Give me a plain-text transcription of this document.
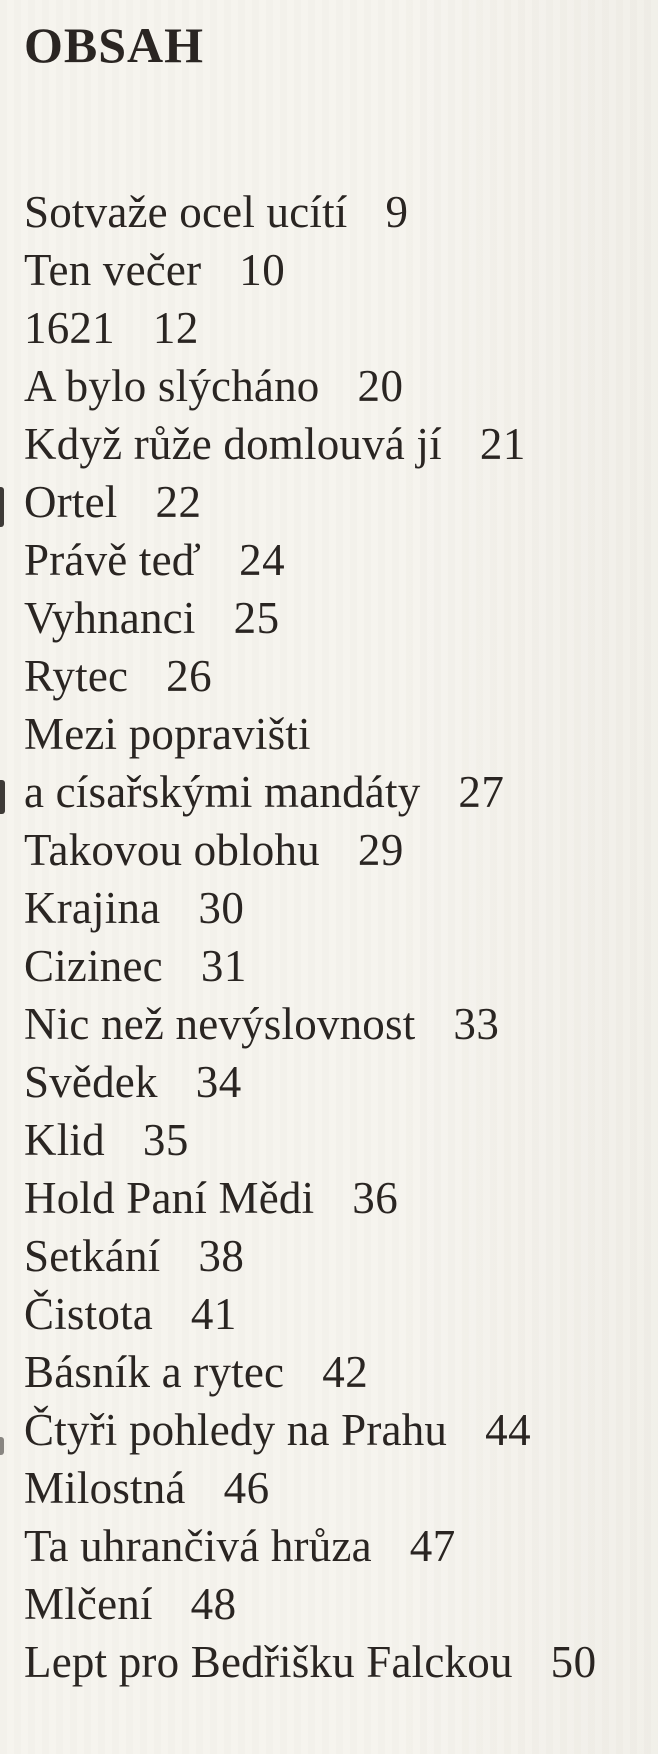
OBSAH
Sotvaže ocel ucítí 9
Ten večer 10
1621 12
A bylo slýcháno 20
Když růže domlouvá jí 21
Ortel 22
Právě teď 24
Vyhnanci 25
Rytec 26
Mezi popravišti
a císařskými mandáty 27
Takovou oblohu 29
Krajina 30
Cizinec 31
Nic než nevýslovnost 33
Svědek 34
Klid 35
Hold Paní Mědi 36
Setkání 38
Čistota 41
Básník a rytec 42
Čtyři pohledy na Prahu 44
Milostná 46
Ta uhrančivá hrůza 47
Mlčení 48
Lept pro Bedřišku Falckou 50
